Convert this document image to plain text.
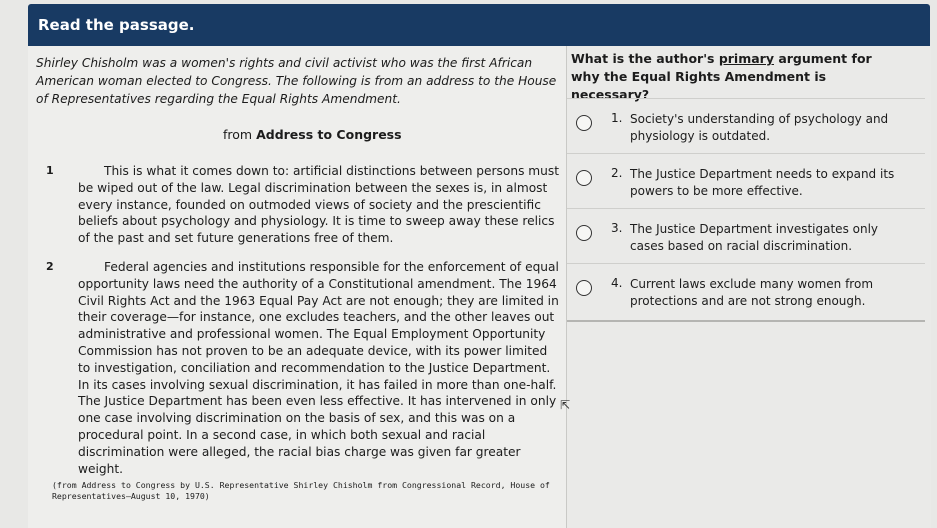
Read the passage.
Shirley Chisholm was a women's rights and civil activist who was the first African American woman elected to Congress. The following is from an address to the House of Representatives regarding the Equal Rights Amendment.
from Address to Congress
1	This is what it comes down to: artificial distinctions between persons must be wiped out of the law. Legal discrimination between the sexes is, in almost every instance, founded on outmoded views of society and the prescientific beliefs about psychology and physiology. It is time to sweep away these relics of the past and set future generations free of them.
2	Federal agencies and institutions responsible for the enforcement of equal opportunity laws need the authority of a Constitutional amendment. The 1964 Civil Rights Act and the 1963 Equal Pay Act are not enough; they are limited in their coverage—for instance, one excludes teachers, and the other leaves out administrative and professional women. The Equal Employment Opportunity Commission has not proven to be an adequate device, with its power limited to investigation, conciliation and recommendation to the Justice Department. In its cases involving sexual discrimination, it has failed in more than one-half. The Justice Department has been even less effective. It has intervened in only one case involving discrimination on the basis of sex, and this was on a procedural point. In a second case, in which both sexual and racial discrimination were alleged, the racial bias charge was given far greater weight.
(from Address to Congress by U.S. Representative Shirley Chisholm from Congressional Record, House of Representatives—August 10, 1970)
What is the author's primary argument for why the Equal Rights Amendment is necessary?
1. Society's understanding of psychology and physiology is outdated.
2. The Justice Department needs to expand its powers to be more effective.
3. The Justice Department investigates only cases based on racial discrimination.
4. Current laws exclude many women from protections and are not strong enough.
⇱
